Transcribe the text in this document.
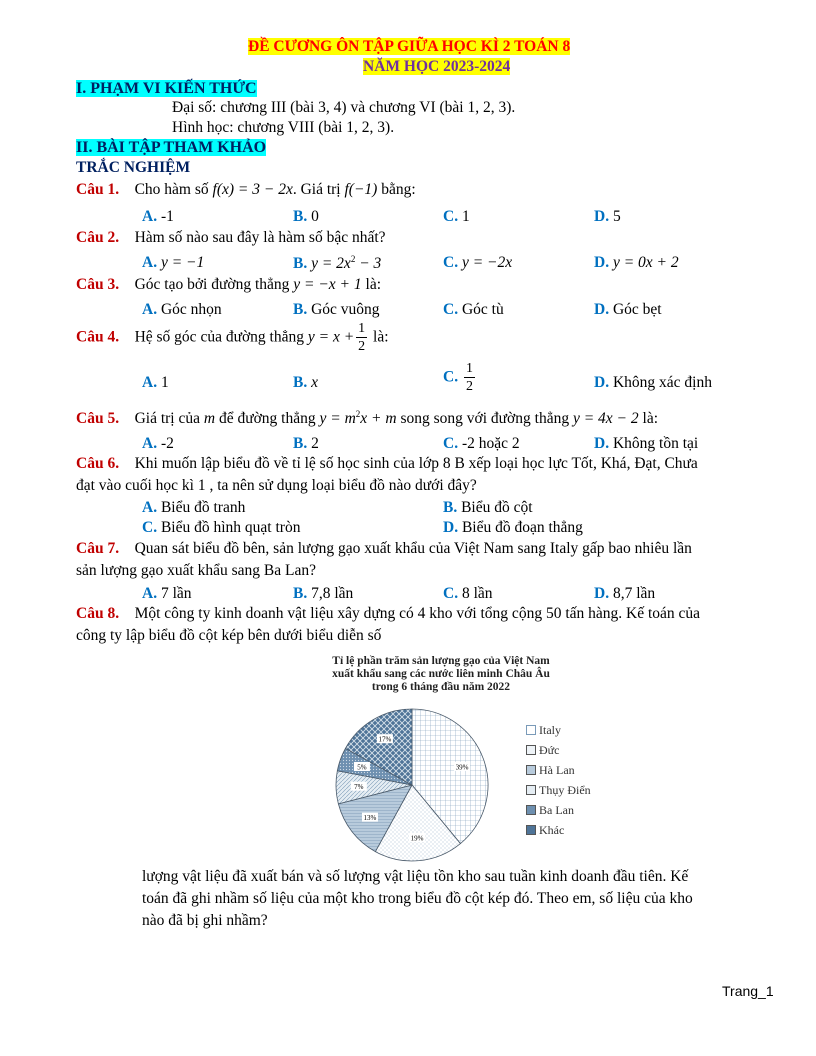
ĐỀ CƯƠNG ÔN TẬP GIỮA HỌC KÌ 2 TOÁN 8
NĂM HỌC 2023-2024
I. PHẠM VI KIẾN THỨC
Đại số: chương III (bài 3, 4) và chương VI (bài 1, 2, 3).
Hình học: chương VIII (bài 1, 2, 3).
II. BÀI TẬP THAM KHẢO
TRẮC NGHIỆM
Câu 1. Cho hàm số f(x) = 3 − 2x. Giá trị f(−1) bằng:
A. -1	B. 0	C. 1	D. 5
Câu 2. Hàm số nào sau đây là hàm số bậc nhất?
A. y = −1	B. $y = 2x^2 - 3$	C. y = −2x	D. y = 0x + 2
Câu 3. Góc tạo bởi đường thẳng y = −x + 1 là:
A. Góc nhọn	B. Góc vuông	C. Góc tù	D. Góc bẹt
Câu 4. Hệ số góc của đường thẳng $y = x + \frac{1}{2}$ là:
A. 1	B. x	C. $\frac{1}{2}$	D. Không xác định
Câu 5. Giá trị của m để đường thẳng $y = m^2x + m$ song song với đường thẳng y = 4x − 2 là:
A. -2	B. 2	C. -2 hoặc 2	D. Không tồn tại
Câu 6. Khi muốn lập biểu đồ về tỉ lệ số học sinh của lớp 8 B xếp loại học lực Tốt, Khá, Đạt, Chưa
đạt vào cuối học kì 1 , ta nên sử dụng loại biểu đồ nào dưới đây?
A. Biểu đồ tranh	B. Biểu đồ cột
C. Biểu đồ hình quạt tròn	D. Biểu đồ đoạn thẳng
Câu 7. Quan sát biểu đồ bên, sản lượng gạo xuất khẩu của Việt Nam sang Italy gấp bao nhiêu lần
sản lượng gạo xuất khẩu sang Ba Lan?
A. 7 lần	B. 7,8 lần	C. 8 lần	D. 8,7 lần
Câu 8. Một công ty kinh doanh vật liệu xây dựng có 4 kho với tổng cộng 50 tấn hàng. Kế toán của
công ty lập biểu đồ cột kép bên dưới biểu diễn số
Tỉ lệ phần trăm sản lượng gạo của Việt Nam
xuất khẩu sang các nước liên minh Châu Âu
trong 6 tháng đầu năm 2022
39%
19%
13%
7%
5%
17%
Italy
Đức
Hà Lan
Thụy Điển
Ba Lan
Khác
lượng vật liệu đã xuất bán và số lượng vật liệu tồn kho sau tuần kinh doanh đầu tiên. Kế
toán đã ghi nhầm số liệu của một kho trong biểu đồ cột kép đó. Theo em, số liệu của kho
nào đã bị ghi nhầm?
Trang_1
